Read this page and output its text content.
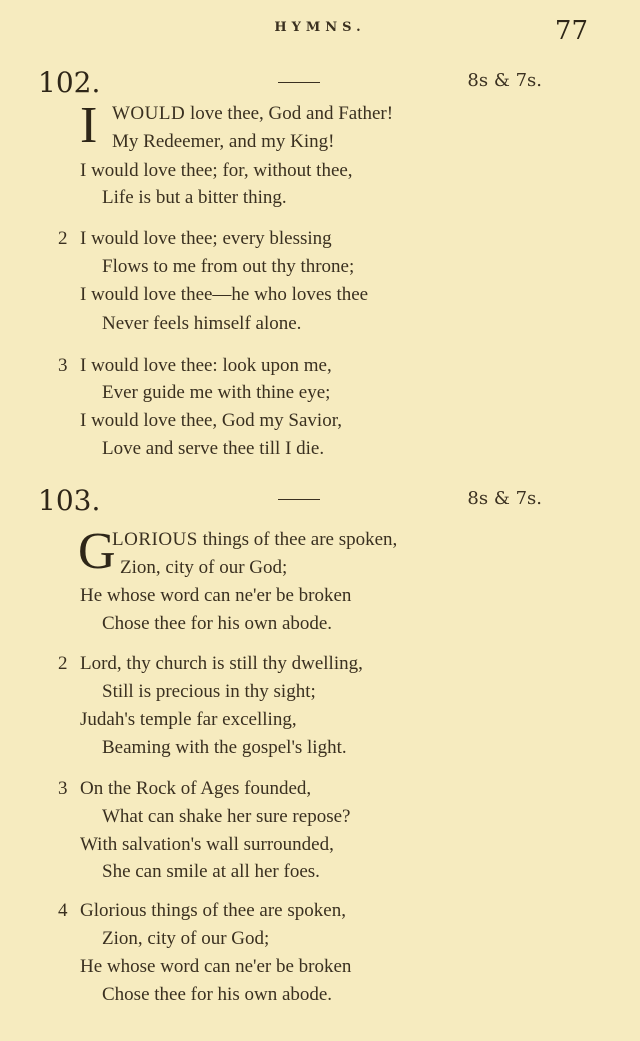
HYMNS.	77
102.	8s & 7s.
I WOULD love thee, God and Father!
My Redeemer, and my King!
I would love thee; for, without thee,
Life is but a bitter thing.
2 I would love thee; every blessing
Flows to me from out thy throne;
I would love thee—he who loves thee
Never feels himself alone.
3 I would love thee: look upon me,
Ever guide me with thine eye;
I would love thee, God my Savior,
Love and serve thee till I die.
103.	8s & 7s.
G
LORIOUS things of thee are spoken,
Zion, city of our God;
He whose word can ne'er be broken
Chose thee for his own abode.
2 Lord, thy church is still thy dwelling,
Still is precious in thy sight;
Judah's temple far excelling,
Beaming with the gospel's light.
3 On the Rock of Ages founded,
What can shake her sure repose?
With salvation's wall surrounded,
She can smile at all her foes.
4 Glorious things of thee are spoken,
Zion, city of our God;
He whose word can ne'er be broken
Chose thee for his own abode.
